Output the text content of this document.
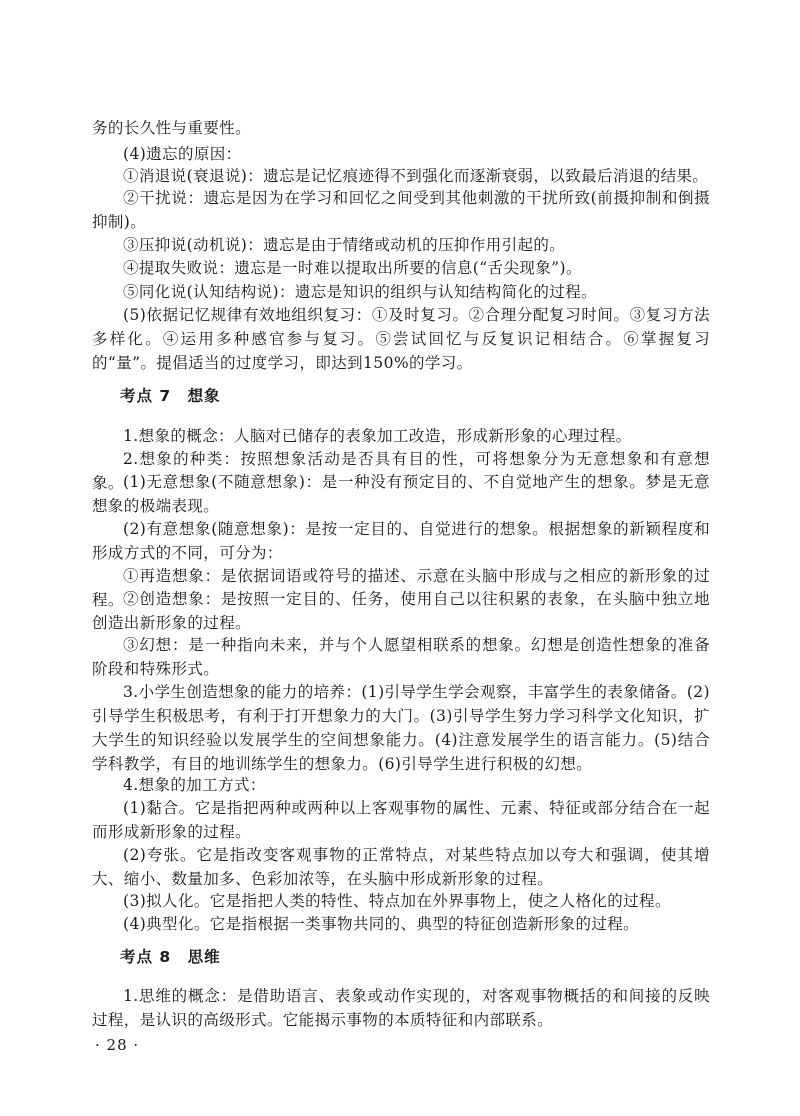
务的长久性与重要性。

(4)遗忘的原因：

①消退说(衰退说)：遗忘是记忆痕迹得不到强化而逐渐衰弱，以致最后消退的结果。

②干扰说：遗忘是因为在学习和回忆之间受到其他刺激的干扰所致(前摄抑制和倒摄抑制)。

③压抑说(动机说)：遗忘是由于情绪或动机的压抑作用引起的。

④提取失败说：遗忘是一时难以提取出所要的信息(“舌尖现象”)。

⑤同化说(认知结构说)：遗忘是知识的组织与认知结构简化的过程。

(5)依据记忆规律有效地组织复习：①及时复习。②合理分配复习时间。③复习方法多样化。④运用多种感官参与复习。⑤尝试回忆与反复识记相结合。⑥掌握复习的“量”。提倡适当的过度学习，即达到150%的学习。

考点 7　想象

1.想象的概念：人脑对已储存的表象加工改造，形成新形象的心理过程。

2.想象的种类：按照想象活动是否具有目的性，可将想象分为无意想象和有意想象。 (1)无意想象(不随意想象)：是一种没有预定目的、不自觉地产生的想象。梦是无意想象的极端表现。

(2)有意想象(随意想象)：是按一定目的、自觉进行的想象。根据想象的新颖程度和形成方式的不同，可分为：

①再造想象：是依据词语或符号的描述、示意在头脑中形成与之相应的新形象的过程。 ②创造想象：是按照一定目的、任务，使用自己以往积累的表象，在头脑中独立地创造出新形象的过程。

③幻想：是一种指向未来，并与个人愿望相联系的想象。幻想是创造性想象的准备阶段和特殊形式。

3.小学生创造想象的能力的培养：(1)引导学生学会观察，丰富学生的表象储备。(2)引导学生积极思考，有利于打开想象力的大门。(3)引导学生努力学习科学文化知识，扩大学生的知识经验以发展学生的空间想象能力。(4)注意发展学生的语言能力。(5)结合学科教学，有目的地训练学生的想象力。(6)引导学生进行积极的幻想。

4.想象的加工方式：

(1)黏合。它是指把两种或两种以上客观事物的属性、元素、特征或部分结合在一起而形成新形象的过程。

(2)夸张。它是指改变客观事物的正常特点，对某些特点加以夸大和强调，使其增大、缩小、数量加多、色彩加浓等，在头脑中形成新形象的过程。

(3)拟人化。它是指把人类的特性、特点加在外界事物上，使之人格化的过程。

(4)典型化。它是指根据一类事物共同的、典型的特征创造新形象的过程。

考点 8　思维

1.思维的概念：是借助语言、表象或动作实现的，对客观事物概括的和间接的反映过程，是认识的高级形式。它能揭示事物的本质特征和内部联系。

· 28 ·
